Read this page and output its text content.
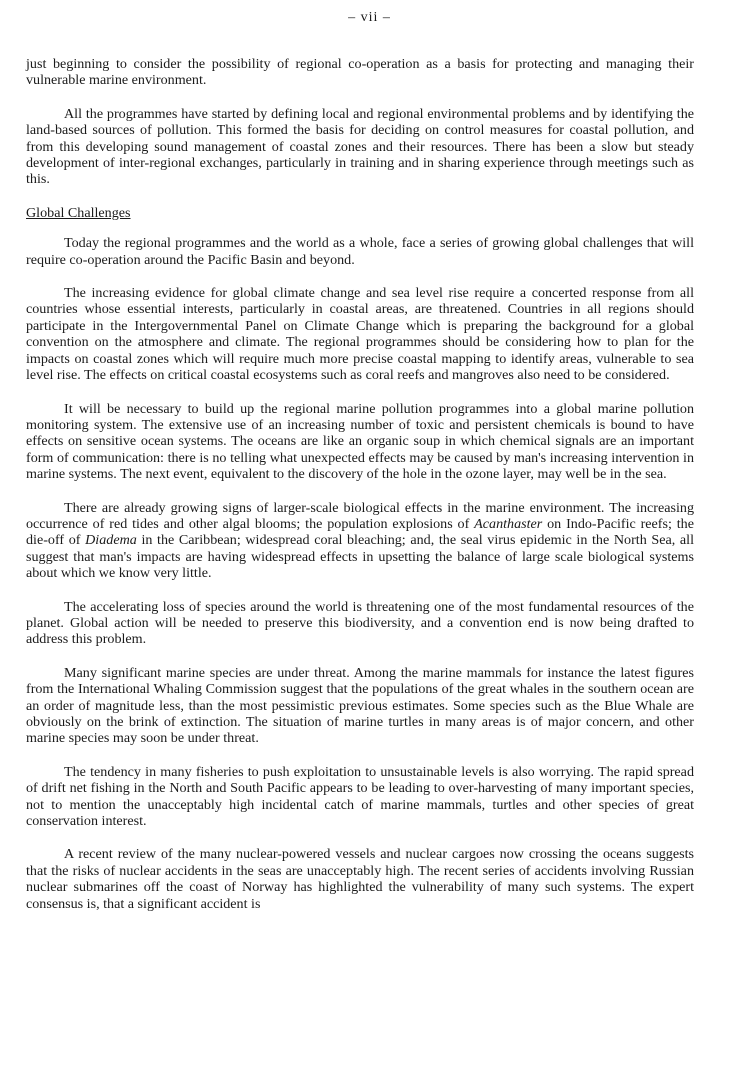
– vii –

just beginning to consider the possibility of regional co-operation as a basis for protecting and managing their vulnerable marine environment.

All the programmes have started by defining local and regional environmental problems and by identifying the land-based sources of pollution. This formed the basis for deciding on control measures for coastal pollution, and from this developing sound management of coastal zones and their resources. There has been a slow but steady development of inter-regional exchanges, particularly in training and in sharing experience through meetings such as this.

Global Challenges

Today the regional programmes and the world as a whole, face a series of growing global challenges that will require co-operation around the Pacific Basin and beyond.

The increasing evidence for global climate change and sea level rise require a concerted response from all countries whose essential interests, particularly in coastal areas, are threatened. Countries in all regions should participate in the Intergovernmental Panel on Climate Change which is preparing the background for a global convention on the atmosphere and climate. The regional programmes should be considering how to plan for the impacts on coastal zones which will require much more precise coastal mapping to identify areas, vulnerable to sea level rise. The effects on critical coastal ecosystems such as coral reefs and mangroves also need to be considered.

It will be necessary to build up the regional marine pollution programmes into a global marine pollution monitoring system. The extensive use of an increasing number of toxic and persistent chemicals is bound to have effects on sensitive ocean systems. The oceans are like an organic soup in which chemical signals are an important form of communication: there is no telling what unexpected effects may be caused by man's increasing intervention in marine systems. The next event, equivalent to the discovery of the hole in the ozone layer, may well be in the sea.

There are already growing signs of larger-scale biological effects in the marine environment. The increasing occurrence of red tides and other algal blooms; the population explosions of Acanthaster on Indo-Pacific reefs; the die-off of Diadema in the Caribbean; widespread coral bleaching; and, the seal virus epidemic in the North Sea, all suggest that man's impacts are having widespread effects in upsetting the balance of large scale biological systems about which we know very little.

The accelerating loss of species around the world is threatening one of the most fundamental resources of the planet. Global action will be needed to preserve this biodiversity, and a convention end is now being drafted to address this problem.

Many significant marine species are under threat. Among the marine mammals for instance the latest figures from the International Whaling Commission suggest that the populations of the great whales in the southern ocean are an order of magnitude less, than the most pessimistic previous estimates. Some species such as the Blue Whale are obviously on the brink of extinction. The situation of marine turtles in many areas is of major concern, and other marine species may soon be under threat.

The tendency in many fisheries to push exploitation to unsustainable levels is also worrying. The rapid spread of drift net fishing in the North and South Pacific appears to be leading to over-harvesting of many important species, not to mention the unacceptably high incidental catch of marine mammals, turtles and other species of great conservation interest.

A recent review of the many nuclear-powered vessels and nuclear cargoes now crossing the oceans suggests that the risks of nuclear accidents in the seas are unacceptably high. The recent series of accidents involving Russian nuclear submarines off the coast of Norway has highlighted the vulnerability of many such systems. The expert consensus is, that a significant accident is
